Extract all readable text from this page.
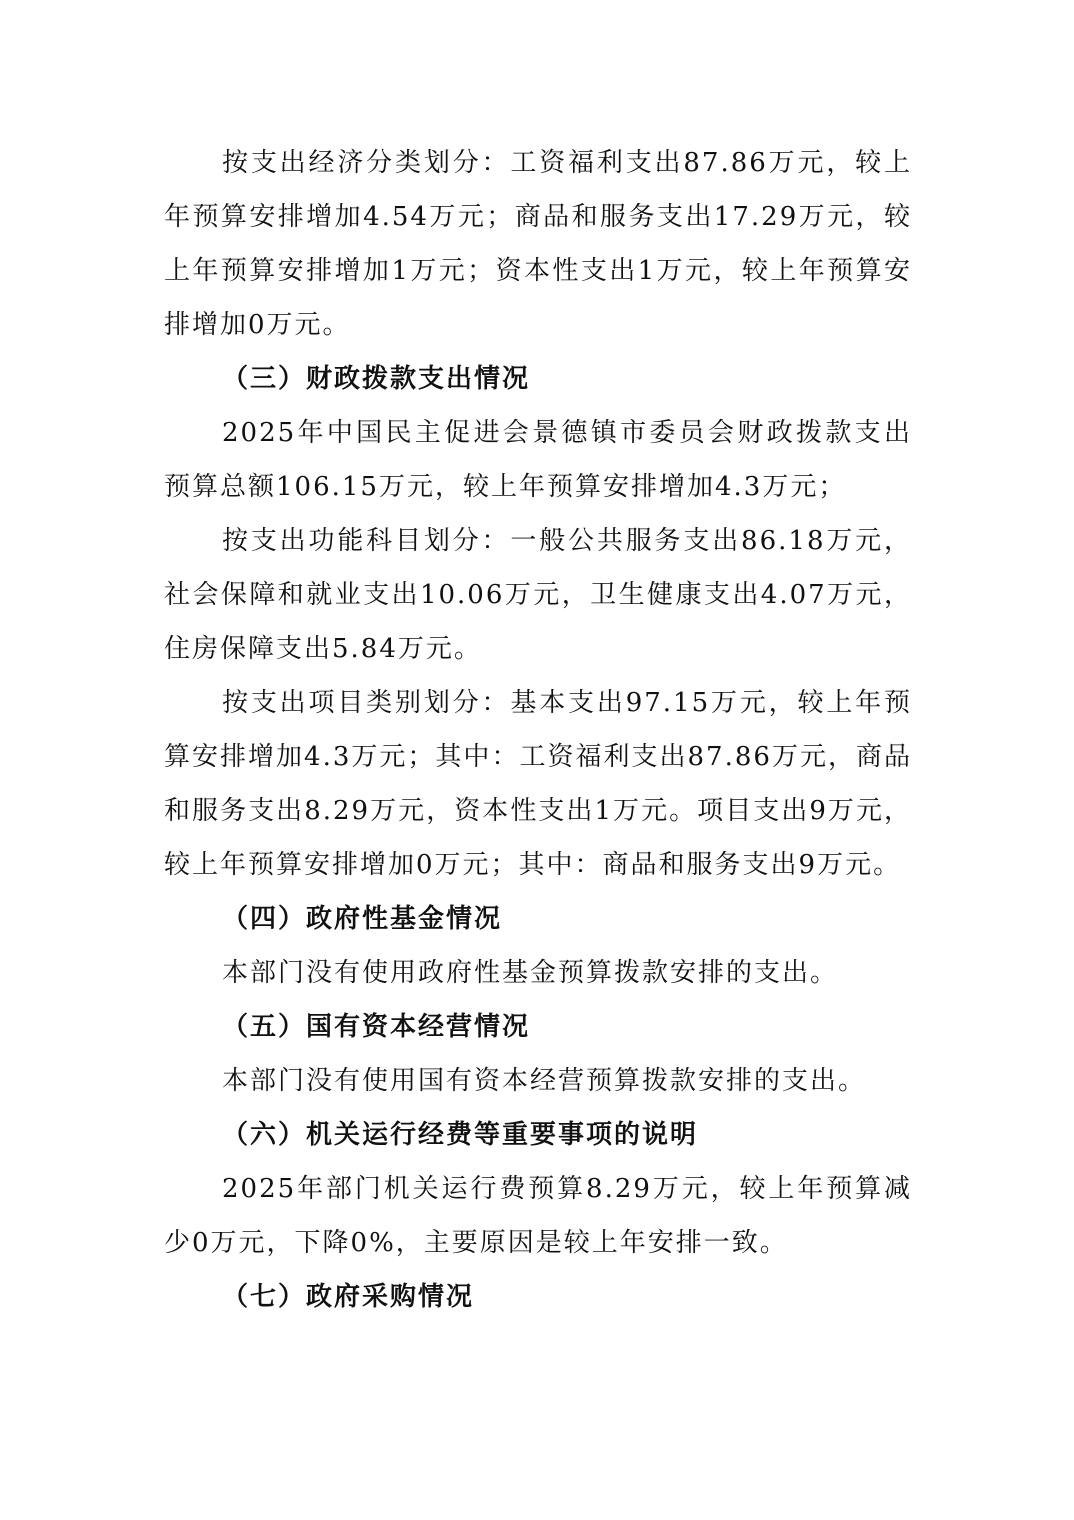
按支出经济分类划分：工资福利支出87.86万元，较上年预算安排增加4.54万元；商品和服务支出17.29万元，较上年预算安排增加1万元；资本性支出1万元，较上年预算安排增加0万元。

（三）财政拨款支出情况

2025年中国民主促进会景德镇市委员会财政拨款支出预算总额106.15万元，较上年预算安排增加4.3万元；

按支出功能科目划分：一般公共服务支出86.18万元，社会保障和就业支出10.06万元，卫生健康支出4.07万元，住房保障支出5.84万元。

按支出项目类别划分：基本支出97.15万元，较上年预算安排增加4.3万元；其中：工资福利支出87.86万元，商品和服务支出8.29万元，资本性支出1万元。项目支出9万元，较上年预算安排增加0万元；其中：商品和服务支出9万元。

（四）政府性基金情况

本部门没有使用政府性基金预算拨款安排的支出。

（五）国有资本经营情况

本部门没有使用国有资本经营预算拨款安排的支出。

（六）机关运行经费等重要事项的说明

2025年部门机关运行费预算8.29万元，较上年预算减少0万元，下降0%，主要原因是较上年安排一致。

（七）政府采购情况
